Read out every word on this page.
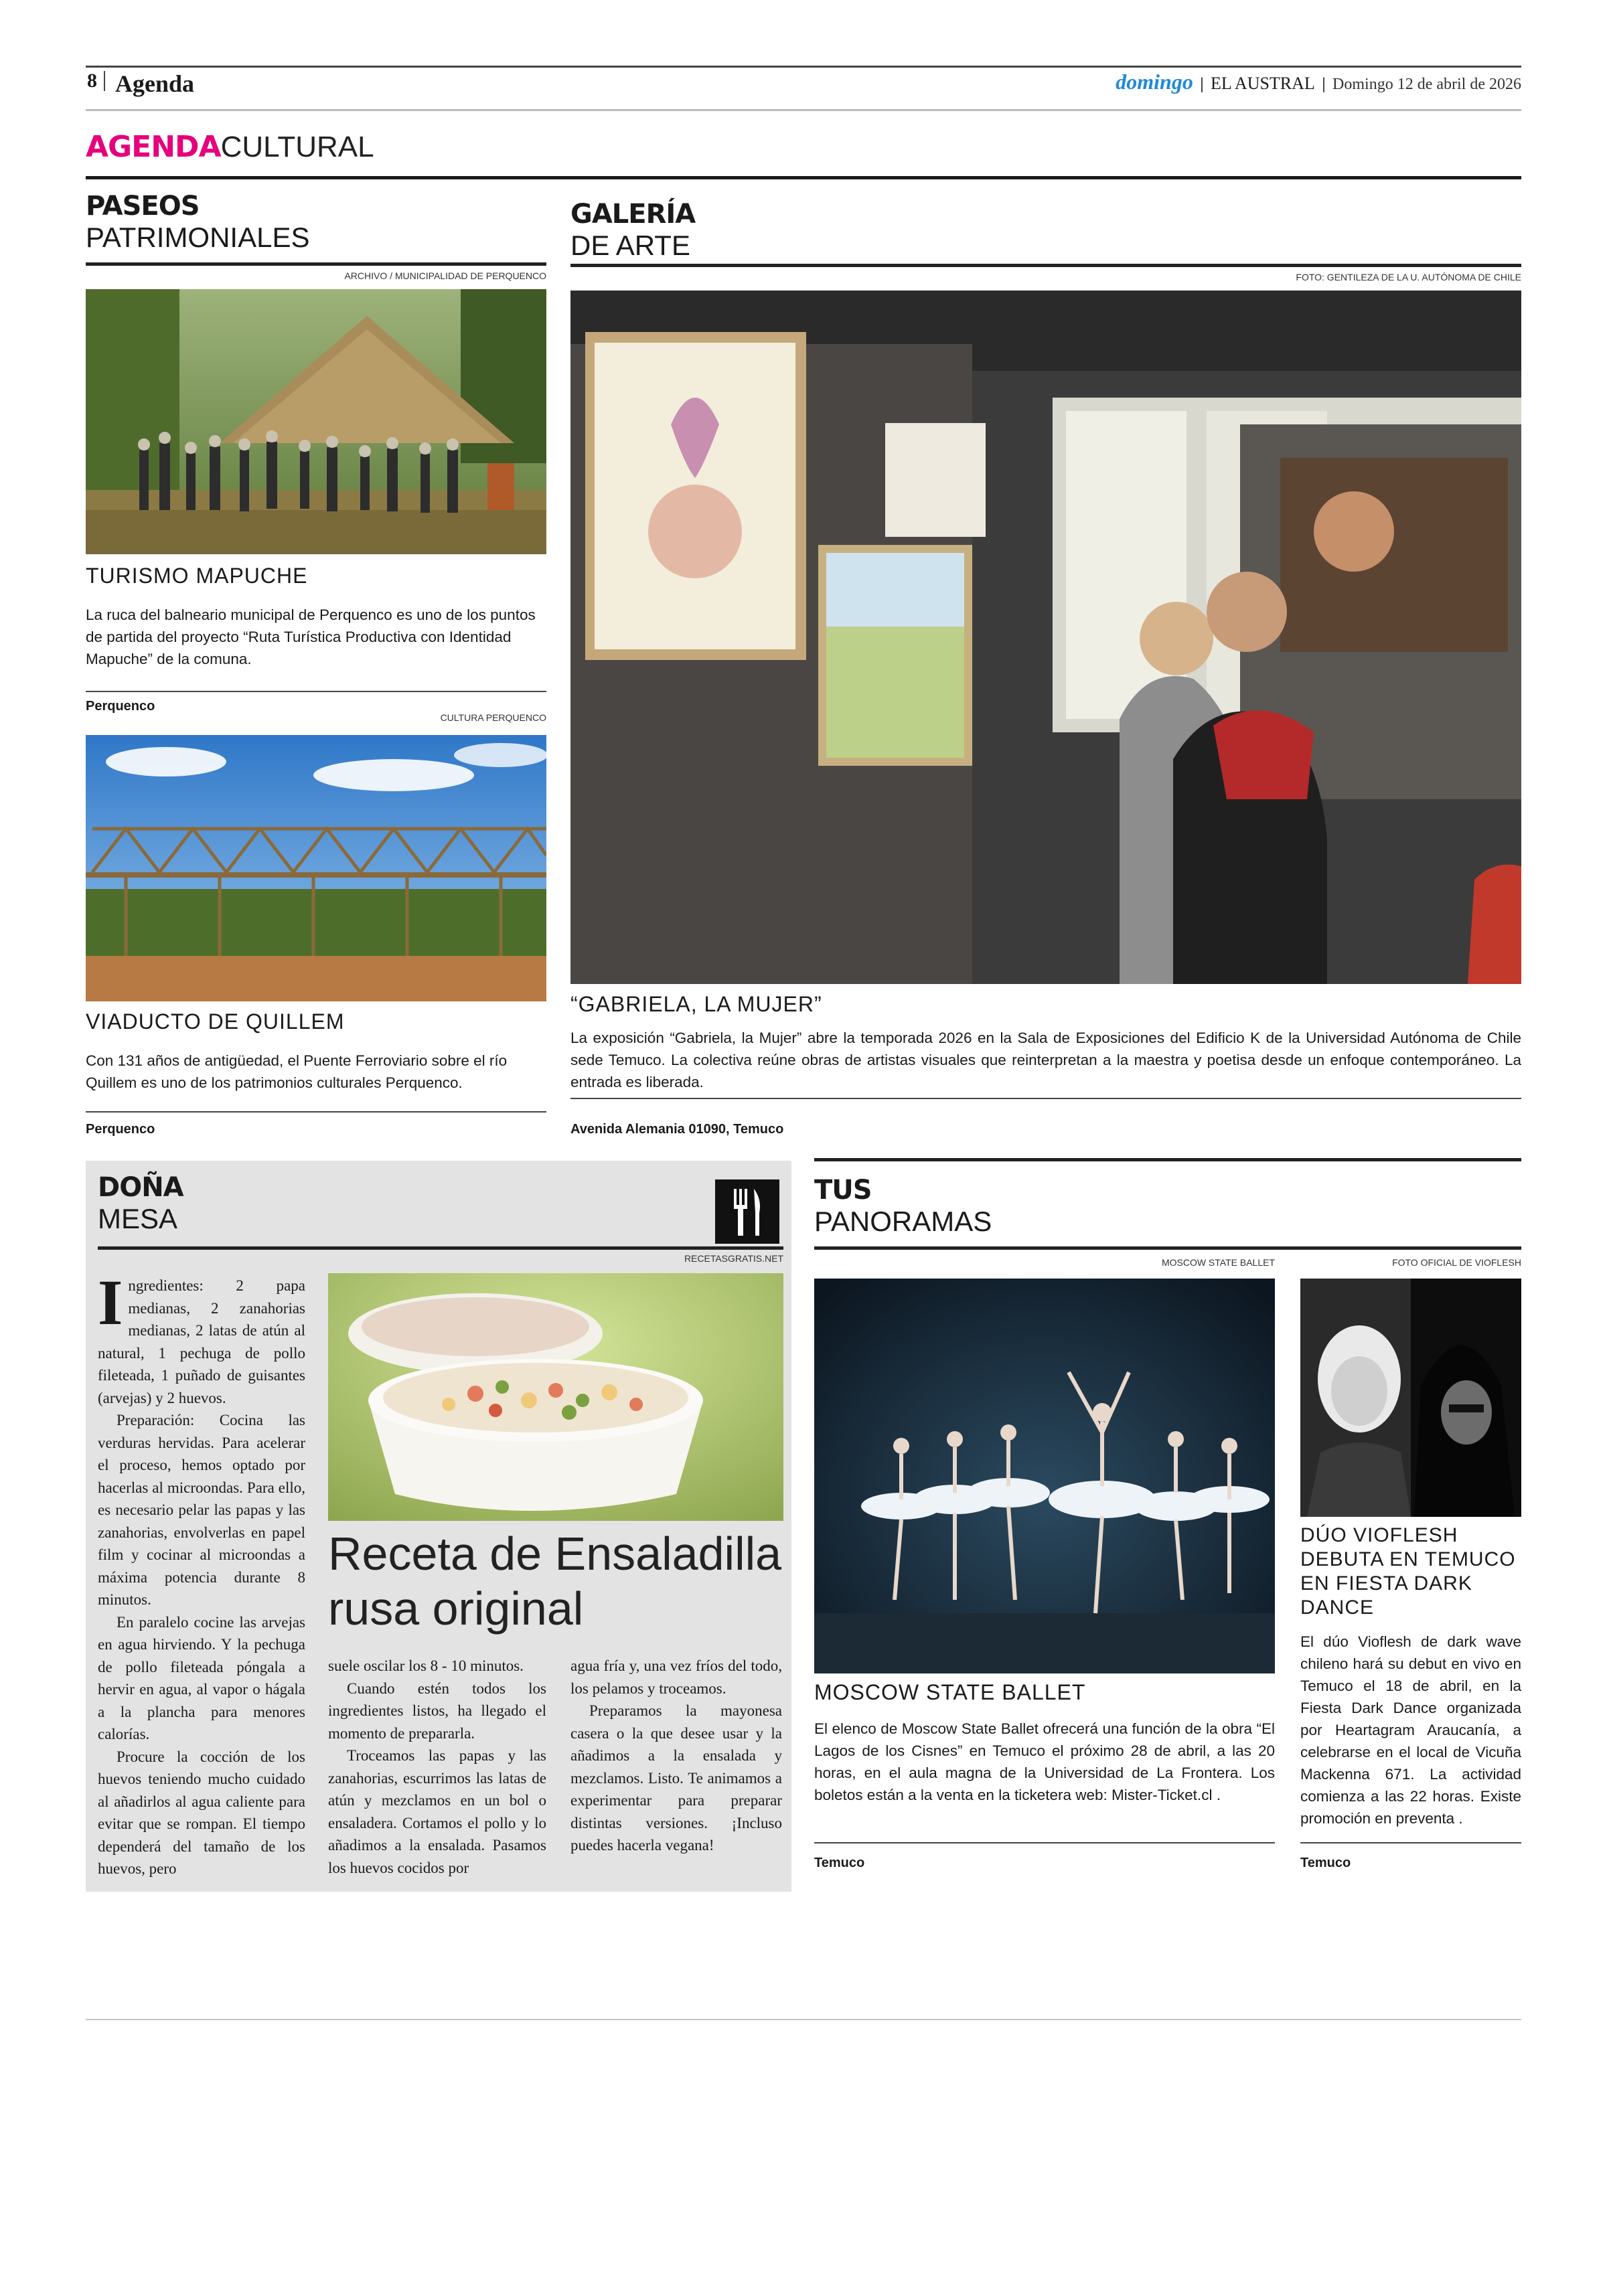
8 Agenda	domingo | EL AUSTRAL | Domingo 12 de abril de 2026
AGENDACULTURAL
PASEOS
PATRIMONIALES
ARCHIVO / MUNICIPALIDAD DE PERQUENCO
TURISMO MAPUCHE
La ruca del balneario municipal de Perquenco es uno de los puntos de partida del proyecto “Ruta Turística Productiva con Identidad Mapuche” de la comuna.
Perquenco
CULTURA PERQUENCO
VIADUCTO DE QUILLEM
Con 131 años de antigüedad, el Puente Ferroviario sobre el río Quillem es uno de los patrimonios culturales Perquenco.
Perquenco
GALERÍA
DE ARTE
FOTO: GENTILEZA DE LA U. AUTÓNOMA DE CHILE
“GABRIELA, LA MUJER”
La exposición “Gabriela, la Mujer” abre la temporada 2026 en la Sala de Exposiciones del Edificio K de la Universidad Autónoma de Chile sede Temuco. La colectiva reúne obras de artistas visuales que reinterpretan a la maestra y poetisa desde un enfoque contemporáneo. La entrada es liberada.
Avenida Alemania 01090, Temuco
DOÑA
MESA
RECETASGRATIS.NET
Receta de Ensaladilla rusa original

Ingredientes: 2 papa medianas, 2 zanahorias medianas, 2 latas de atún al natural, 1 pechuga de pollo fileteada, 1 puñado de guisantes (arvejas) y 2 huevos.

Preparación: Cocina las verduras hervidas. Para acelerar el proceso, hemos optado por hacerlas al microondas. Para ello, es necesario pelar las papas y las zanahorias, envolverlas en papel film y cocinar al microondas a máxima potencia durante 8 minutos.

En paralelo cocine las arvejas en agua hirviendo. Y la pechuga de pollo fileteada póngala a hervir en agua, al vapor o hágala a la plancha para menores calorías.

Procure la cocción de los huevos teniendo mucho cuidado al añadirlos al agua caliente para evitar que se rompan. El tiempo dependerá del tamaño de los huevos, pero

suele oscilar los 8 - 10 minutos.

Cuando estén todos los ingredientes listos, ha llegado el momento de prepararla.

Troceamos las papas y las zanahorias, escurrimos las latas de atún y mezclamos en un bol o ensaladera. Cortamos el pollo y lo añadimos a la ensalada. Pasamos los huevos cocidos por

agua fría y, una vez fríos del todo, los pelamos y troceamos.

Preparamos la mayonesa casera o la que desee usar y la añadimos a la ensalada y mezclamos. Listo. Te animamos a experimentar para preparar distintas versiones. ¡Incluso puedes hacerla vegana!

TUS
PANORAMAS
MOSCOW STATE BALLET	FOTO OFICIAL DE VIOFLESH
MOSCOW STATE BALLET
El elenco de Moscow State Ballet ofrecerá una función de la obra “El Lagos de los Cisnes” en Temuco el próximo 28 de abril, a las 20 horas, en el aula magna de la Universidad de La Frontera. Los boletos están a la venta en la ticketera web: Mister-Ticket.cl .
Temuco
DÚO VIOFLESH DEBUTA EN TEMUCO EN FIESTA DARK DANCE
El dúo Vioflesh de dark wave chileno hará su debut en vivo en Temuco el 18 de abril, en la Fiesta Dark Dance organizada por Heartagram Araucanía, a celebrarse en el local de Vicuña Mackenna 671. La actividad comienza a las 22 horas. Existe promoción en preventa .
Temuco
